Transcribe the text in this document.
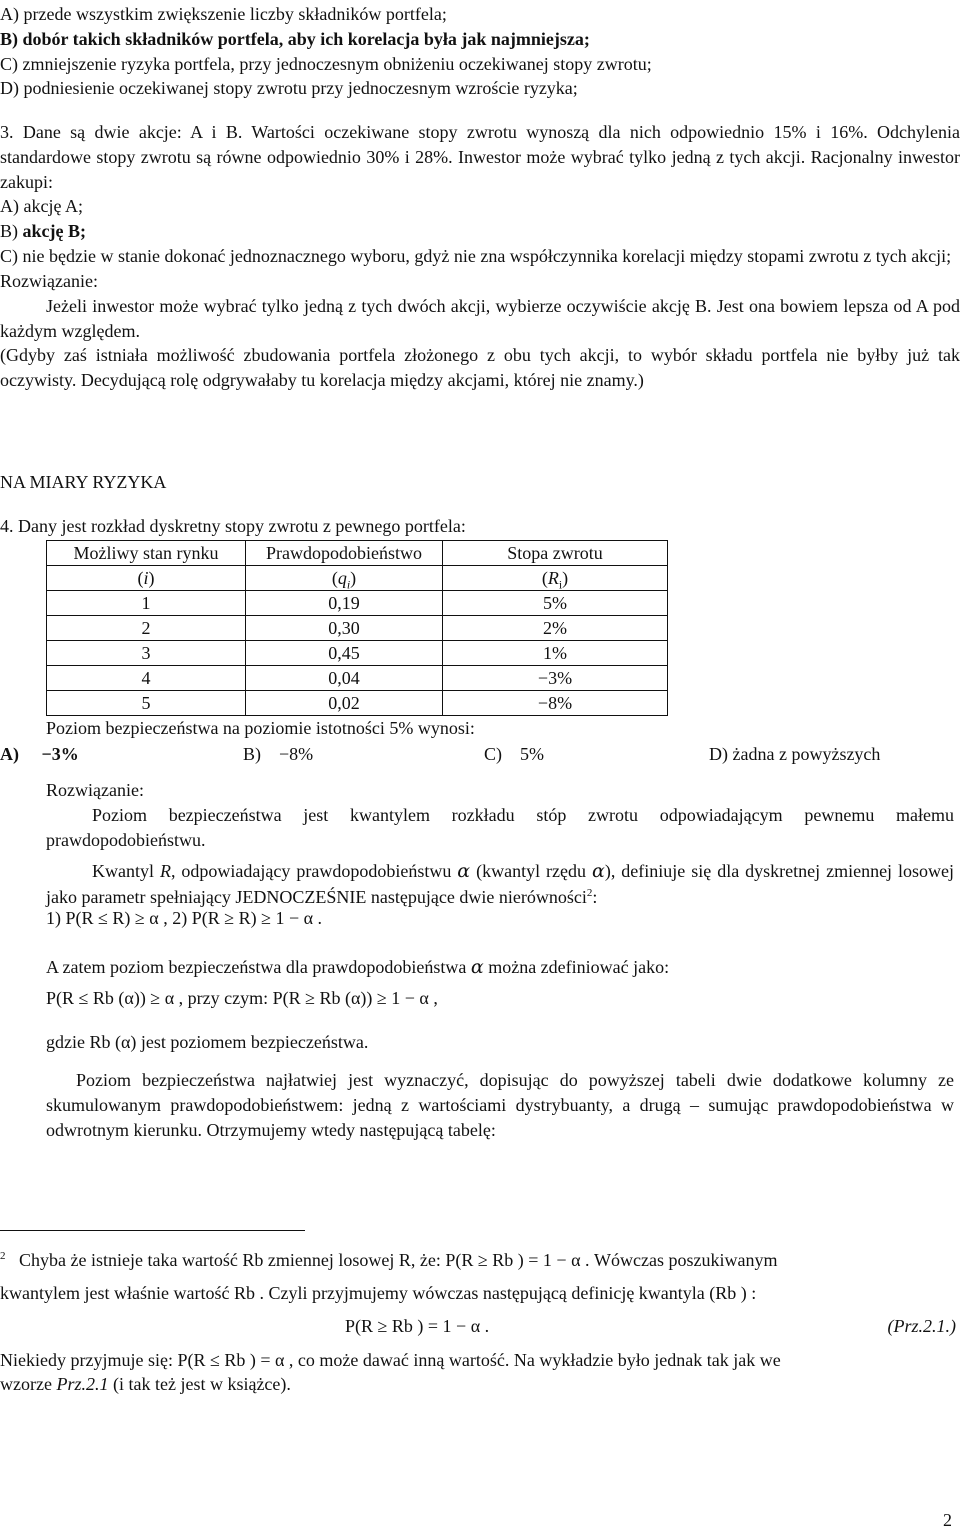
A) przede wszystkim zwiększenie liczby składników portfela;
B) dobór takich składników portfela, aby ich korelacja była jak najmniejsza;
C) zmniejszenie ryzyka portfela, przy jednoczesnym obniżeniu oczekiwanej stopy zwrotu;
D) podniesienie oczekiwanej stopy zwrotu przy jednoczesnym wzroście ryzyka;
3. Dane są dwie akcje: A i B. Wartości oczekiwane stopy zwrotu wynoszą dla nich odpowiednio 15% i 16%. Odchylenia standardowe stopy zwrotu są równe odpowiednio 30% i 28%. Inwestor może wybrać tylko jedną z tych akcji. Racjonalny inwestor zakupi:
A) akcję A;
B) akcję B;
C) nie będzie w stanie dokonać jednoznacznego wyboru, gdyż nie zna współczynnika korelacji między stopami zwrotu z tych akcji;
Rozwiązanie:
Jeżeli inwestor może wybrać tylko jedną z tych dwóch akcji, wybierze oczywiście akcję B. Jest ona bowiem lepsza od A pod każdym względem.
(Gdyby zaś istniała możliwość zbudowania portfela złożonego z obu tych akcji, to wybór składu portfela nie byłby już tak oczywisty. Decydującą rolę odgrywałaby tu korelacja między akcjami, której nie znamy.)
NA MIARY RYZYKA
4. Dany jest rozkład dyskretny stopy zwrotu z pewnego portfela:
Możliwy stan rynku	Prawdopodobieństwo	Stopa zwrotu
(i)	$(q_i)$	$(R_i)$
1	0,19	5%
2	0,30	2%
3	0,45	1%
4	0,04	−3%
5	0,02	−8%
Poziom bezpieczeństwa na poziomie istotności 5% wynosi:
A) −3%	B) −8%	C) 5%	D) żadna z powyższych
Rozwiązanie:
Poziom bezpieczeństwa jest kwantylem rozkładu stóp zwrotu odpowiadającym pewnemu małemu prawdopodobieństwu.
Kwantyl R, odpowiadający prawdopodobieństwu α (kwantyl rzędu α), definiuje się dla dyskretnej zmiennej losowej jako parametr spełniający JEDNOCZEŚNIE następujące dwie nierówności$^2$:
1) P(R ≤ R) ≥ α , 2) P(R ≥ R) ≥ 1 − α .
A zatem poziom bezpieczeństwa dla prawdopodobieństwa α można zdefiniować jako:
P(R ≤ Rb (α)) ≥ α , przy czym: P(R ≥ Rb (α)) ≥ 1 − α ,
gdzie Rb (α) jest poziomem bezpieczeństwa.
Poziom bezpieczeństwa najłatwiej jest wyznaczyć, dopisując do powyższej tabeli dwie dodatkowe kolumny ze skumulowanym prawdopodobieństwem: jedną z wartościami dystrybuanty, a drugą – sumując prawdopodobieństwa w odwrotnym kierunku. Otrzymujemy wtedy następującą tabelę:
$^2$ Chyba że istnieje taka wartość Rb zmiennej losowej R, że: P(R ≥ Rb ) = 1 − α . Wówczas poszukiwanym
kwantylem jest właśnie wartość Rb . Czyli przyjmujemy wówczas następującą definicję kwantyla (Rb ) :
P(R ≥ Rb ) = 1 − α .	(Prz.2.1.)
Niekiedy przyjmuje się: P(R ≤ Rb ) = α , co może dawać inną wartość. Na wykładzie było jednak tak jak we
wzorze Prz.2.1 (i tak też jest w książce).
2
